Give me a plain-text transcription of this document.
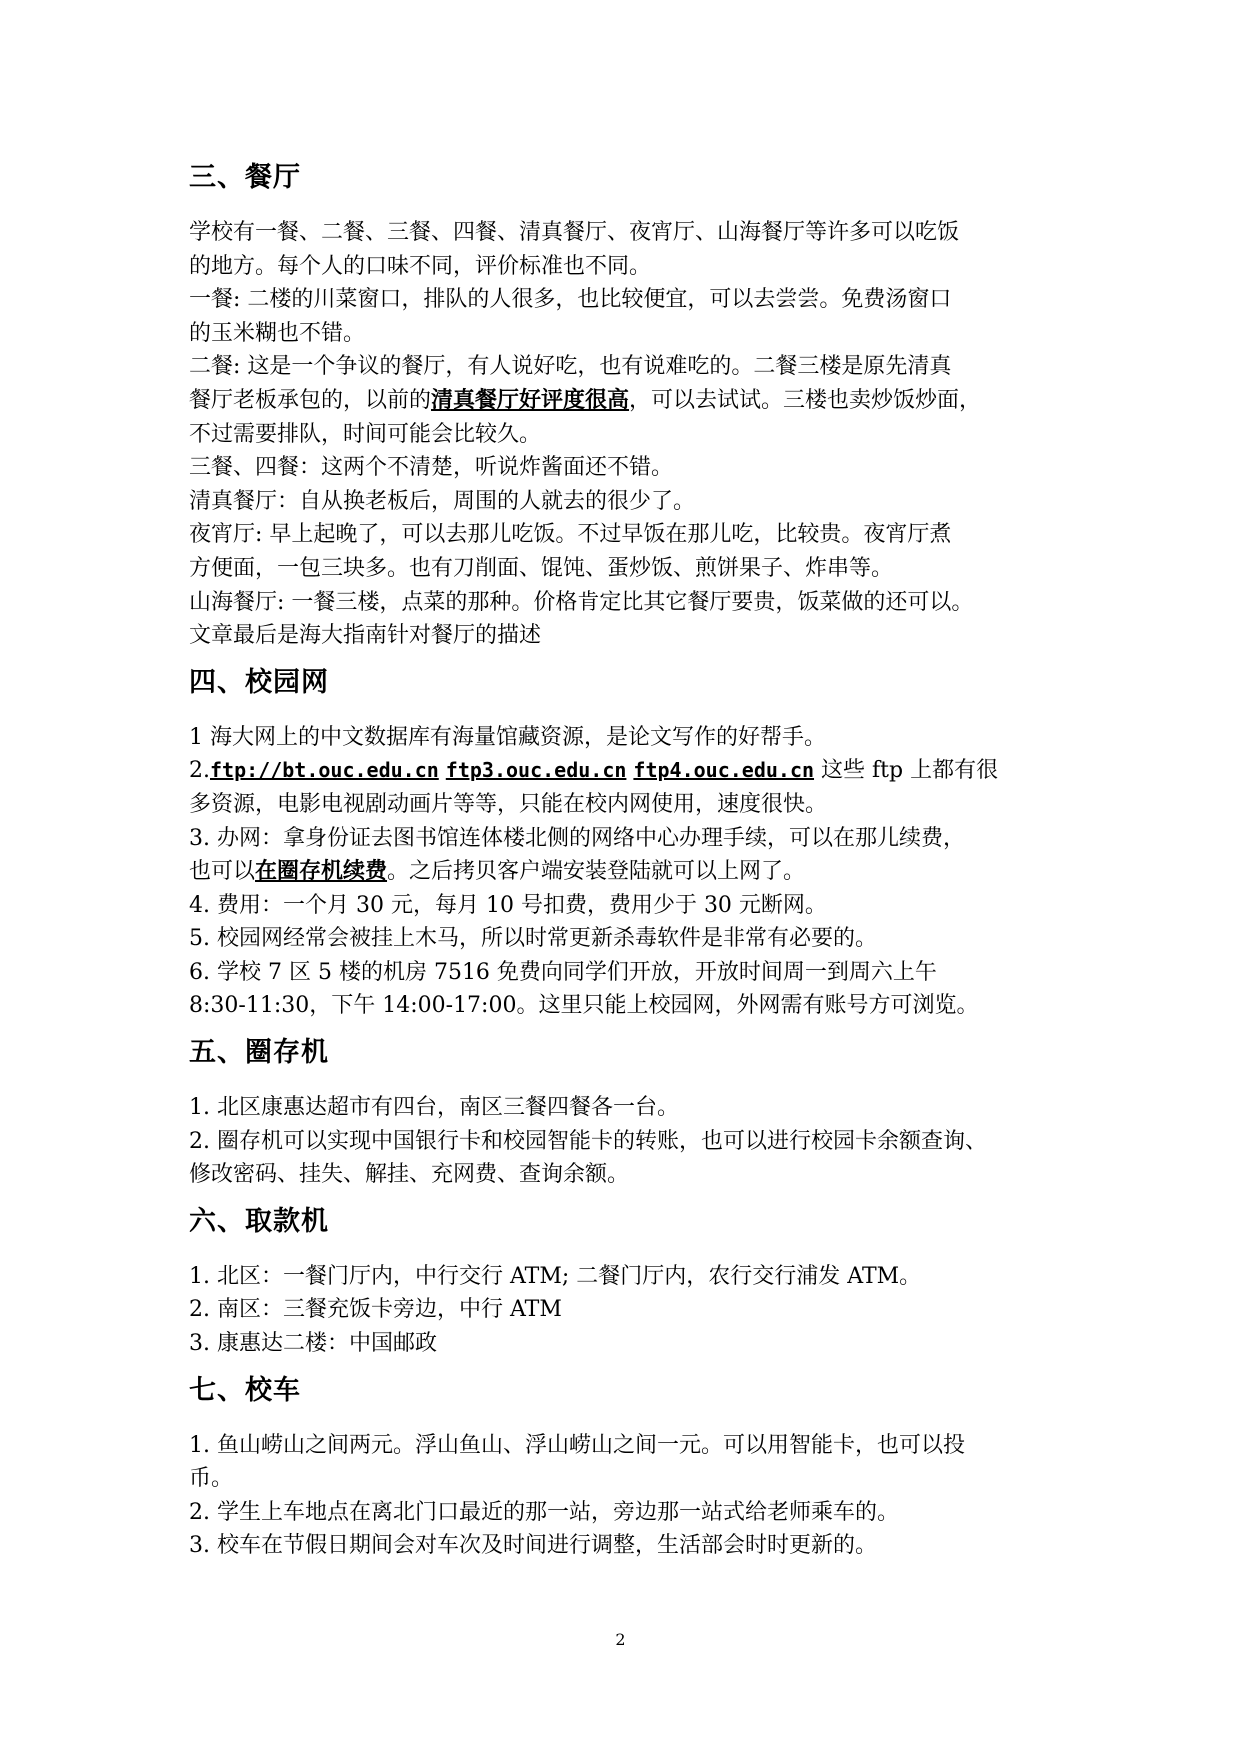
三、餐厅

学校有一餐、二餐、三餐、四餐、清真餐厅、夜宵厅、山海餐厅等许多可以吃饭

的地方。每个人的口味不同，评价标准也不同。

一餐: 二楼的川菜窗口，排队的人很多，也比较便宜，可以去尝尝。免费汤窗口

的玉米糊也不错。

二餐: 这是一个争议的餐厅，有人说好吃，也有说难吃的。二餐三楼是原先清真

餐厅老板承包的，以前的清真餐厅好评度很高，可以去试试。三楼也卖炒饭炒面，

不过需要排队，时间可能会比较久。

三餐、四餐：这两个不清楚，听说炸酱面还不错。

清真餐厅：自从换老板后，周围的人就去的很少了。

夜宵厅: 早上起晚了，可以去那儿吃饭。不过早饭在那儿吃，比较贵。夜宵厅煮

方便面，一包三块多。也有刀削面、馄饨、蛋炒饭、煎饼果子、炸串等。

山海餐厅: 一餐三楼，点菜的那种。价格肯定比其它餐厅要贵，饭菜做的还可以。

文章最后是海大指南针对餐厅的描述

四、校园网

1 海大网上的中文数据库有海量馆藏资源，是论文写作的好帮手。

2.ftp://bt.ouc.edu.cn ftp3.ouc.edu.cn ftp4.ouc.edu.cn 这些 ftp 上都有很

多资源，电影电视剧动画片等等，只能在校内网使用，速度很快。

3. 办网：拿身份证去图书馆连体楼北侧的网络中心办理手续，可以在那儿续费，

也可以在圈存机续费。之后拷贝客户端安装登陆就可以上网了。

4. 费用：一个月 30 元，每月 10 号扣费，费用少于 30 元断网。

5. 校园网经常会被挂上木马，所以时常更新杀毒软件是非常有必要的。

6. 学校 7 区 5 楼的机房 7516 免费向同学们开放，开放时间周一到周六上午

8:30-11:30，下午 14:00-17:00。这里只能上校园网，外网需有账号方可浏览。

五、圈存机

1. 北区康惠达超市有四台，南区三餐四餐各一台。

2. 圈存机可以实现中国银行卡和校园智能卡的转账，也可以进行校园卡余额查询、

修改密码、挂失、解挂、充网费、查询余额。

六、取款机

1. 北区：一餐门厅内，中行交行 ATM; 二餐门厅内，农行交行浦发 ATM。

2. 南区：三餐充饭卡旁边，中行 ATM

3. 康惠达二楼：中国邮政

七、校车

1. 鱼山崂山之间两元。浮山鱼山、浮山崂山之间一元。可以用智能卡，也可以投

币。

2. 学生上车地点在离北门口最近的那一站，旁边那一站式给老师乘车的。

3. 校车在节假日期间会对车次及时间进行调整，生活部会时时更新的。

2
